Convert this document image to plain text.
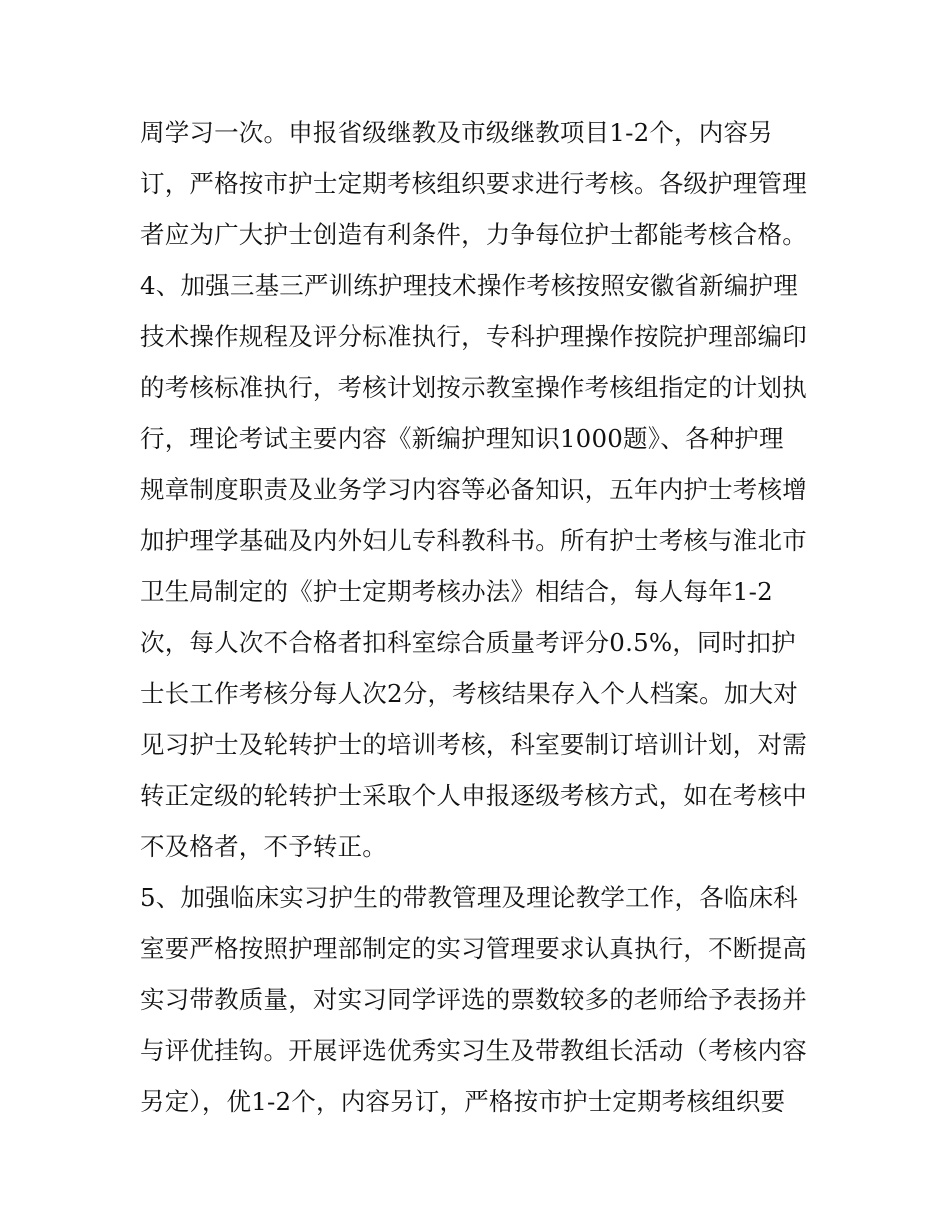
周学习一次。申报省级继教及市级继教项目1-2个，内容另
订，严格按市护士定期考核组织要求进行考核。各级护理管理
者应为广大护士创造有利条件，力争每位护士都能考核合格。
4、加强三基三严训练护理技术操作考核按照安徽省新编护理
技术操作规程及评分标准执行，专科护理操作按院护理部编印
的考核标准执行，考核计划按示教室操作考核组指定的计划执
行，理论考试主要内容《新编护理知识1000题》、各种护理
规章制度职责及业务学习内容等必备知识，五年内护士考核增
加护理学基础及内外妇儿专科教科书。所有护士考核与淮北市
卫生局制定的《护士定期考核办法》相结合，每人每年1-2
次，每人次不合格者扣科室综合质量考评分0.5%，同时扣护
士长工作考核分每人次2分，考核结果存入个人档案。加大对
见习护士及轮转护士的培训考核，科室要制订培训计划，对需
转正定级的轮转护士采取个人申报逐级考核方式，如在考核中
不及格者，不予转正。
5、加强临床实习护生的带教管理及理论教学工作，各临床科
室要严格按照护理部制定的实习管理要求认真执行，不断提高
实习带教质量，对实习同学评选的票数较多的老师给予表扬并
与评优挂钩。开展评选优秀实习生及带教组长活动（考核内容
另定），优1-2个，内容另订，严格按市护士定期考核组织要
